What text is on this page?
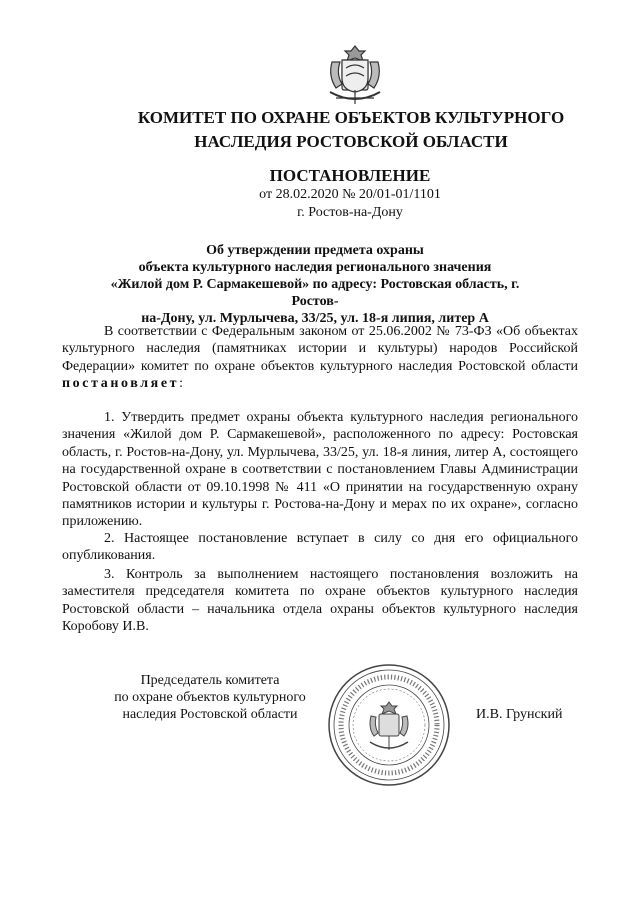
КОМИТЕТ ПО ОХРАНЕ ОБЪЕКТОВ КУЛЬТУРНОГО
НАСЛЕДИЯ РОСТОВСКОЙ ОБЛАСТИ
ПОСТАНОВЛЕНИЕ
от 28.02.2020 № 20/01-01/1101
г. Ростов-на-Дону
Об утверждении предмета охраны
объекта культурного наследия регионального значения
«Жилой дом Р. Сармакешевой» по адресу: Ростовская область, г. Ростов-
на-Дону, ул. Мурлычева, 33/25, ул. 18-я липия, литер А

В соответствии с Федеральным законом от 25.06.2002 № 73-ФЗ «Об объектах культурного наследия (памятниках истории и культуры) народов Российской Федерации» комитет по охране объектов культурного наследия Ростовской области постановляет:

1. Утвердить предмет охраны объекта культурного наследия регионального значения «Жилой дом Р. Сармакешевой», расположенного по адресу: Ростовская область, г. Ростов-на-Дону, ул. Мурлычева, 33/25, ул. 18-я линия, литер А, состоящего на государственной охране в соответствии с постановлением Главы Администрации Ростовской области от 09.10.1998 № 411 «О принятии на государственную охрану памятников истории и культуры г. Ростова-на-Дону и мерах по их охране», согласно приложению.

2. Настоящее постановление вступает в силу со дня его официального опубликования.

3. Контроль за выполнением настоящего постановления возложить на заместителя председателя комитета по охране объектов культурного наследия Ростовской области – начальника отдела охраны объектов культурного наследия Коробову И.В.

Председатель комитета
по охране объектов культурного
наследия Ростовской области	И.В. Грунский
